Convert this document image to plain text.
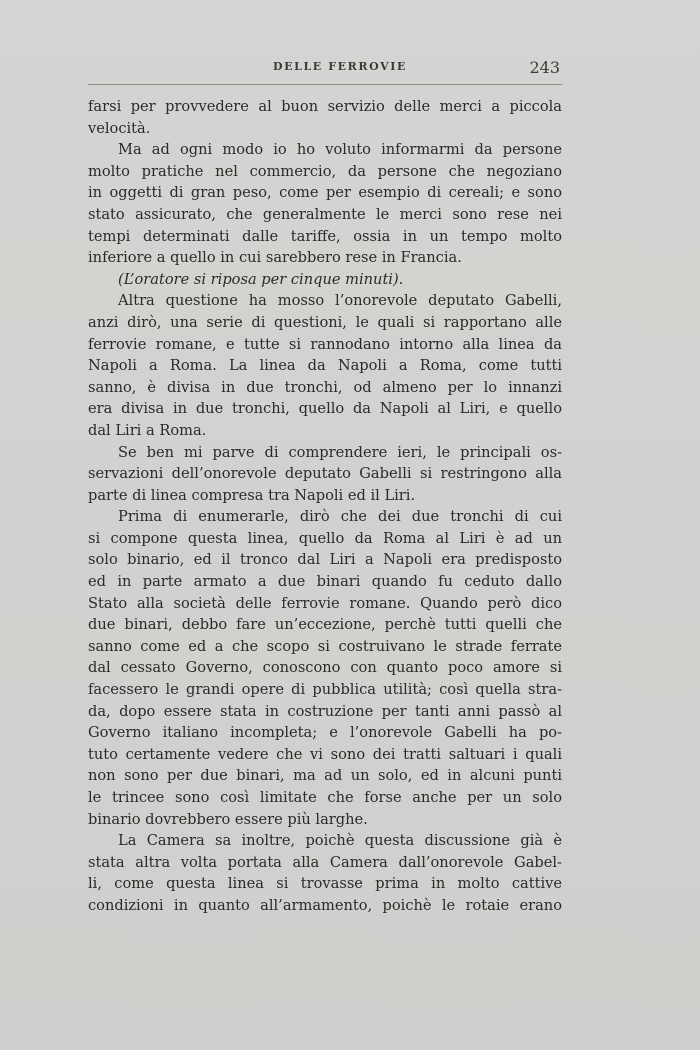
DELLE FERROVIE	243

farsi per provvedere al buon servizio delle merci a piccola
velocità.

Ma ad ogni modo io ho voluto informarmi da persone
molto pratiche nel commercio, da persone che negoziano
in oggetti di gran peso, come per esempio di cereali; e sono
stato assicurato, che generalmente le merci sono rese nei
tempi determinati dalle tariffe, ossia in un tempo molto
inferiore a quello in cui sarebbero rese in Francia.

(L’oratore si riposa per cinque minuti).

Altra questione ha mosso l’onorevole deputato Gabelli,
anzi dirò, una serie di questioni, le quali si rapportano alle
ferrovie romane, e tutte si rannodano intorno alla linea da
Napoli a Roma. La linea da Napoli a Roma, come tutti
sanno, è divisa in due tronchi, od almeno per lo innanzi
era divisa in due tronchi, quello da Napoli al Liri, e quello
dal Liri a Roma.

Se ben mi parve di comprendere ieri, le principali os-
servazioni dell’onorevole deputato Gabelli si restringono alla
parte di linea compresa tra Napoli ed il Liri.

Prima di enumerarle, dirò che dei due tronchi di cui
si compone questa linea, quello da Roma al Liri è ad un
solo binario, ed il tronco dal Liri a Napoli era predisposto
ed in parte armato a due binari quando fu ceduto dallo
Stato alla società delle ferrovie romane. Quando però dico
due binari, debbo fare un’eccezione, perchè tutti quelli che
sanno come ed a che scopo si costruivano le strade ferrate
dal cessato Governo, conoscono con quanto poco amore si
facessero le grandi opere di pubblica utilità; così quella stra-
da, dopo essere stata in costruzione per tanti anni passò al
Governo italiano incompleta; e l’onorevole Gabelli ha po-
tuto certamente vedere che vi sono dei tratti saltuari i quali
non sono per due binari, ma ad un solo, ed in alcuni punti
le trincee sono così limitate che forse anche per un solo
binario dovrebbero essere più larghe.

La Camera sa inoltre, poichè questa discussione già è
stata altra volta portata alla Camera dall’onorevole Gabel-
li, come questa linea si trovasse prima in molto cattive
condizioni in quanto all’armamento, poichè le rotaie erano
